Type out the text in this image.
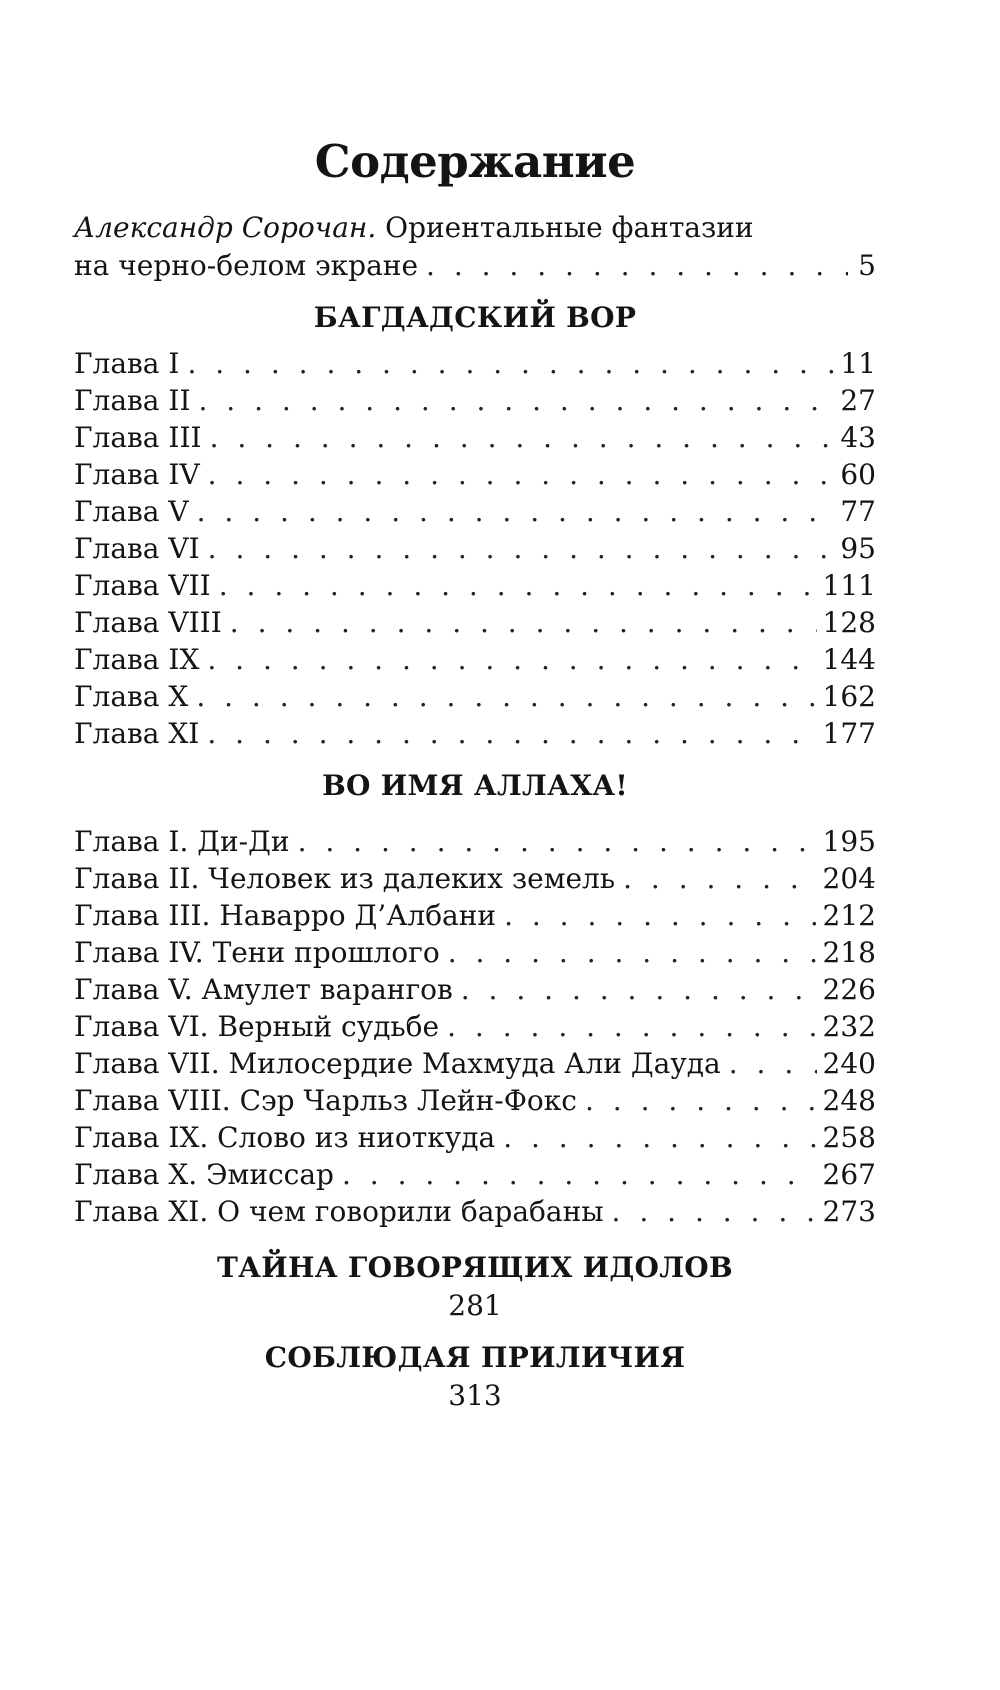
Содержание
Александр Сорочан. Ориентальные фантазии
на черно-белом экране . . .	5
БАГДАДСКИЙ ВОР
Глава I . . .	11
Глава II . . .	27
Глава III . . .	43
Глава IV . . .	60
Глава V . . .	77
Глава VI . . .	95
Глава VII . . .	111
Глава VIII . . .	128
Глава IX . . .	144
Глава X . . .	162
Глава XI . . .	177
ВО ИМЯ АЛЛАХА!
Глава I. Ди-Ди . . .	195
Глава II. Человек из далеких земель . . .	204
Глава III. Наварро Д’Албани . . .	212
Глава IV. Тени прошлого . . .	218
Глава V. Амулет варангов . . .	226
Глава VI. Верный судьбе . . .	232
Глава VII. Милосердие Махмуда Али Дауда . . .	240
Глава VIII. Сэр Чарльз Лейн-Фокс . . .	248
Глава IX. Слово из ниоткуда . . .	258
Глава X. Эмиссар . . .	267
Глава XI. О чем говорили барабаны . . .	273
ТАЙНА ГОВОРЯЩИХ ИДОЛОВ
281
СОБЛЮДАЯ ПРИЛИЧИЯ
313
